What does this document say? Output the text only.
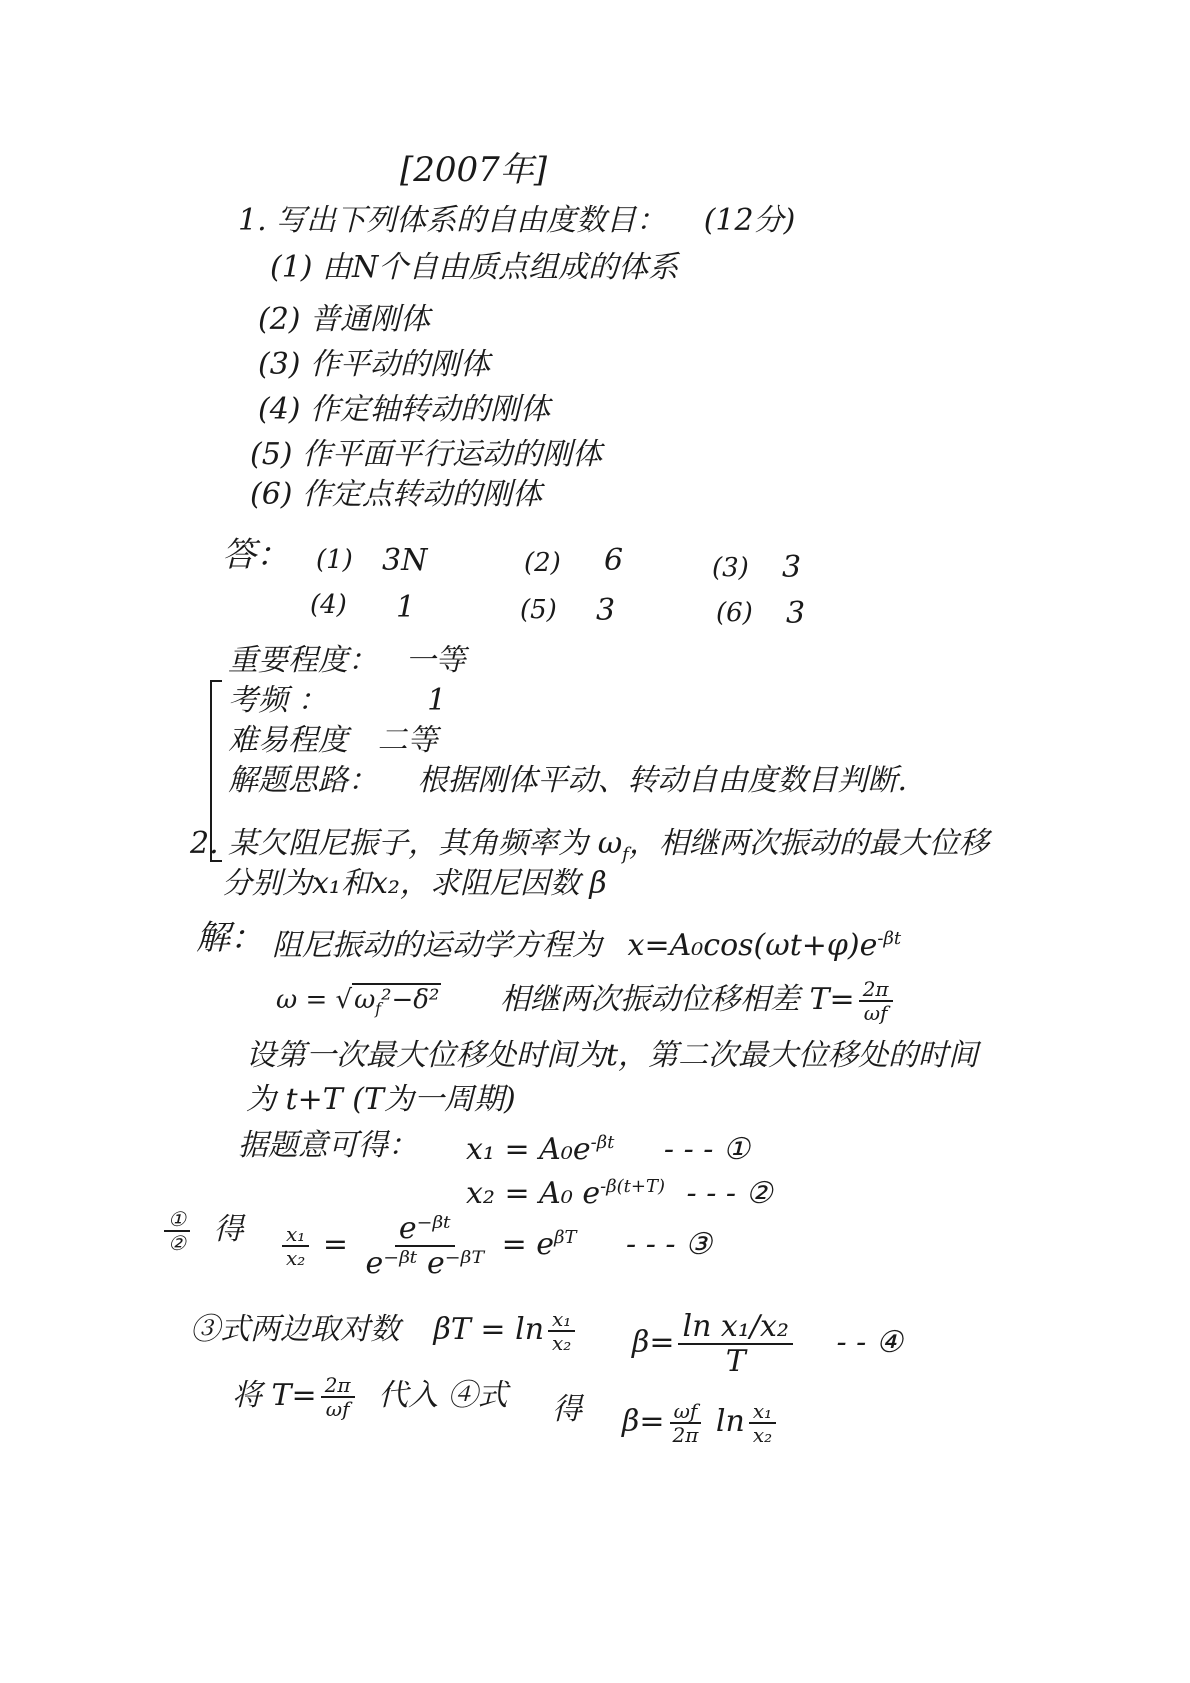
[2007年]
1. 写出下列体系的自由度数目： (12分)
(1) 由N个自由质点组成的体系
(2) 普通刚体
(3) 作平动的刚体
(4) 作定轴转动的刚体
(5) 作平面平行运动的刚体
(6) 作定点转动的刚体
答： (1) 3N	(2) 6	(3) 3
(4) 1	(5) 3	(6) 3
重要程度： 一等
考频 ：	1
难易程度 二等
解题思路： 根据刚体平动、转动自由度数目判断.
2. 某欠阻尼振子，其角频率为 $\omega_f$，相继两次振动的最大位移
分别为x₁和x₂，求阻尼因数 β
解： 阻尼振动的运动学方程为 $x=A_0\cos(\omega t+\varphi)e^{-\beta t}$
$\omega = √\omega_f^2-\delta^2$ 相继两次振动位移相差 $T= \frac{2\pi}{\omega f}$
设第一次最大位移处时间为t，第二次最大位移处的时间
为 t+T (T为一周期)
据题意可得： $x_1 = A_0e^{-\beta t}$ - - - ①
x₂ = A₀ $e^{-\beta(t+T)}$ - - - ②
$\frac{\text{①}}{\text{②}}$ 得 $\frac{\text{x₁}}{\text{x₂}} = \frac{\text{e⁻ᵝᵗ}}{\text{e⁻ᵝᵗ e⁻ᵝᵀ}} = e^{\beta T}$ - - - ③
③式两边取对数 $\beta T = \ln \frac{\text{x₁}}{\text{x₂}} \beta= \frac{\text{ln x₁/x₂}}{T}$ - - ④
将 $T= \frac{2\pi}{\omega f}$ 代入 ④式 得 $\beta= \frac{\omega f}{2\pi}$ $\ln \frac{\text{x₁}}{\text{x₂}}$
